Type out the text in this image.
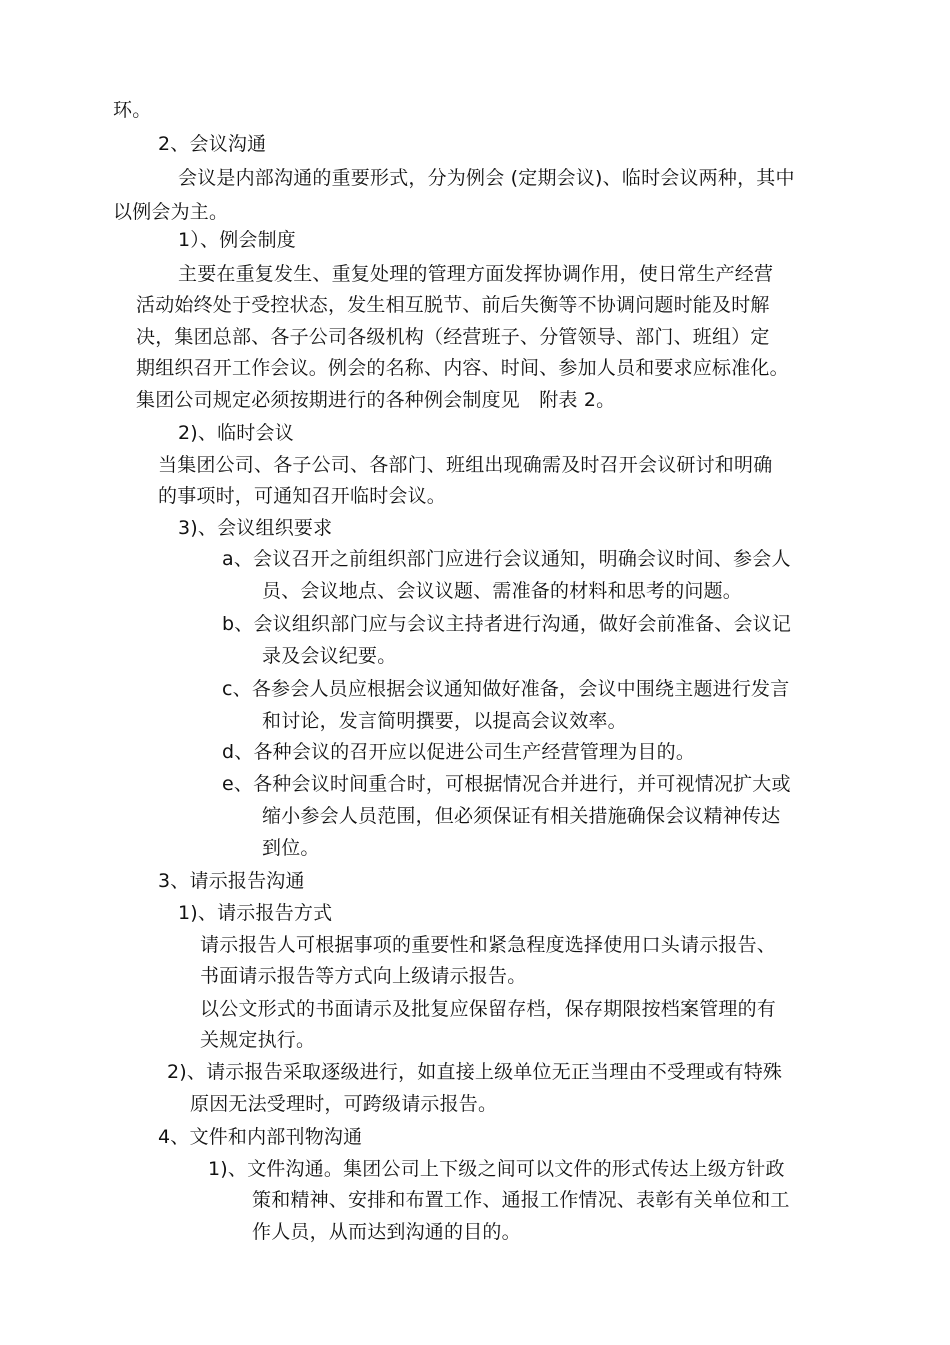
环。
2、会议沟通
会议是内部沟通的重要形式，分为例会 (定期会议)、临时会议两种，其中
以例会为主。
1）、例会制度
主要在重复发生、重复处理的管理方面发挥协调作用，使日常生产经营
活动始终处于受控状态，发生相互脱节、前后失衡等不协调问题时能及时解
决，集团总部、各子公司各级机构（经营班子、分管领导、部门、班组）定
期组织召开工作会议。例会的名称、内容、时间、参加人员和要求应标准化。
集团公司规定必须按期进行的各种例会制度见　附表 2。
2)、临时会议
当集团公司、各子公司、各部门、班组出现确需及时召开会议研讨和明确
的事项时，可通知召开临时会议。
3)、会议组织要求
a、会议召开之前组织部门应进行会议通知，明确会议时间、参会人
员、会议地点、会议议题、需准备的材料和思考的问题。
b、会议组织部门应与会议主持者进行沟通，做好会前准备、会议记
录及会议纪要。
c、各参会人员应根据会议通知做好准备，会议中围绕主题进行发言
和讨论，发言简明撰要，以提高会议效率。
d、各种会议的召开应以促进公司生产经营管理为目的。
e、各种会议时间重合时，可根据情况合并进行，并可视情况扩大或
缩小参会人员范围，但必须保证有相关措施确保会议精神传达
到位。
3、请示报告沟通
1)、请示报告方式
请示报告人可根据事项的重要性和紧急程度选择使用口头请示报告、
书面请示报告等方式向上级请示报告。
以公文形式的书面请示及批复应保留存档，保存期限按档案管理的有
关规定执行。
2)、请示报告采取逐级进行，如直接上级单位无正当理由不受理或有特殊
原因无法受理时，可跨级请示报告。
4、文件和内部刊物沟通
1)、文件沟通。集团公司上下级之间可以文件的形式传达上级方针政
策和精神、安排和布置工作、通报工作情况、表彰有关单位和工
作人员，从而达到沟通的目的。
